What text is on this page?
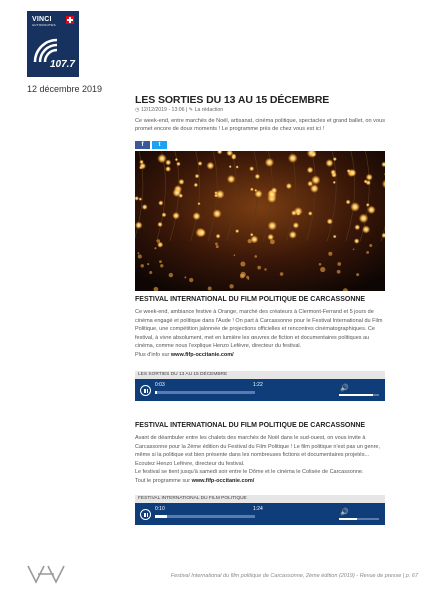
VINCI
AUTOROUTES
107.7
12 décembre 2019
LES SORTIES DU 13 AU 15 DÉCEMBRE
◷ 12/12/2019 - 13:06 | ✎ La rédaction
Ce week-end, entre marchés de Noël, artisanat, cinéma politique, spectacles et grand ballet, on vous promet encore de doux moments ! Le programme près de chez vous est ici !
f	t
FESTIVAL INTERNATIONAL DU FILM POLITIQUE DE CARCASSONNE
Ce week-end, ambiance festive à Orange, marché des créateurs à Clermont-Ferrand et 5 jours de cinéma engagé et politique dans l'Aude ! On part à Carcassonne pour le Festival International du Film Politique, une compétition jalonnée de projections officielles et rencontres cinématographiques. Ce festival, à vivre absolument, met en lumière les œuvres de fiction et documentaires politiques au cinéma, comme nous l'explique Henzo Lefèvre, directeur du festival.
Plus d'info sur www.fifp-occitanie.com/
LES SORTIES DU 13 AU 15 DÉCEMBRE
0:03	1:22	🔊
FESTIVAL INTERNATIONAL DU FILM POLITIQUE DE CARCASSONNE
Avant de déambuler entre les chalets des marchés de Noël dans le sud-ouest, on vous invite à Carcassonne pour la 2ème édition du Festival du Film Politique ! Le film politique n'est pas un genre, même si la politique est bien présente dans les nombreuses fictions et documentaires projetés... Ecoutez Henzo Lefèvre, directeur du festival.
Le festival se tient jusqu'à samedi soir entre le Dôme et le cinéma le Colisée de Carcassonne.
Tout le programme sur www.fifp-occitanie.com/
FESTIVAL INTERNATIONAL DU FILM POLITIQUE
0:10	1:24	🔊
Festival International du film politique de Carcassonne, 2ème édition (2019) - Revue de presse | p. 67
